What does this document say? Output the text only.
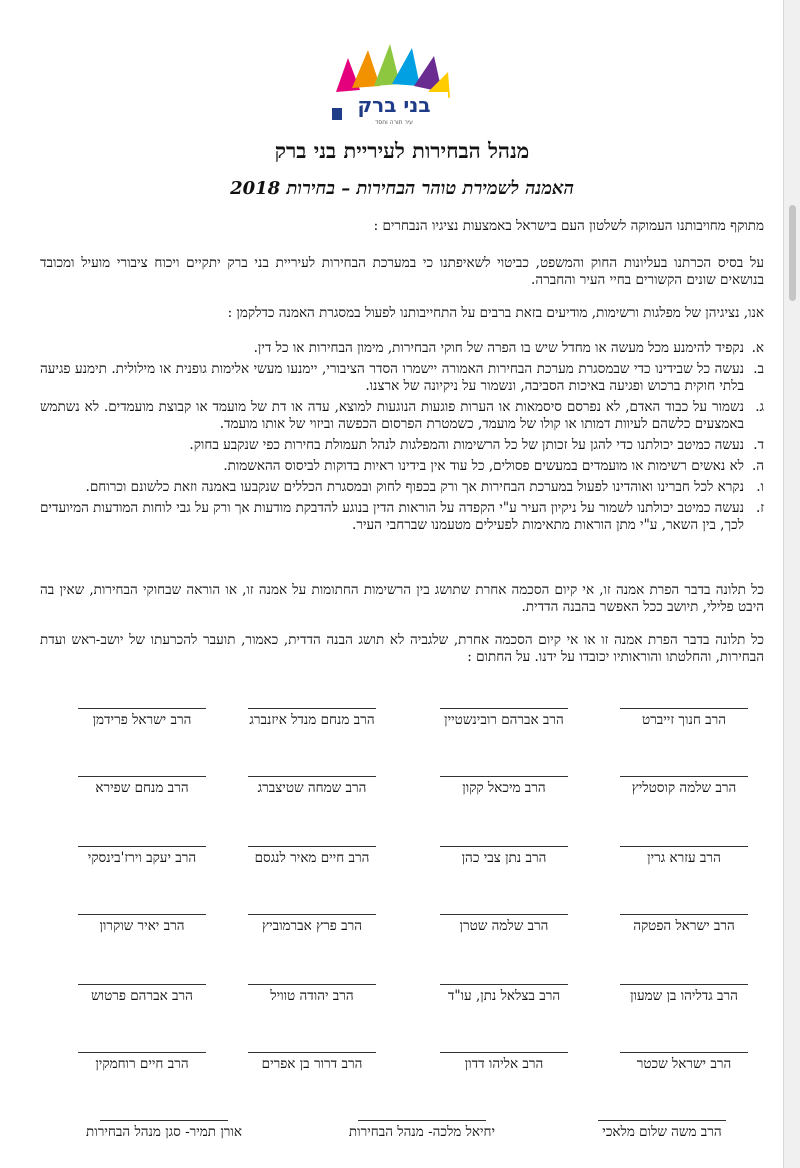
בני ברק
עיר תורה וחסד
מנהל הבחירות לעיריית בני ברק
האמנה לשמירת טוהר הבחירות – בחירות 2018
מתוקף מחויבותנו העמוקה לשלטון העם בישראל באמצעות נציגיו הנבחרים :
על בסיס הכרתנו בעליונות החוק והמשפט, כביטוי לשאיפתנו כי במערכת הבחירות לעיריית בני ברק יתקיים ויכוח ציבורי מועיל ומכובד בנושאים שונים הקשורים בחיי העיר והחברה.
אנו, נציגיהן של מפלגות ורשימות, מודיעים בזאת ברבים על התחייבותנו לפעול במסגרת האמנה כדלקמן :
א.
נקפיד להימנע מכל מעשה או מחדל שיש בו הפרה של חוקי הבחירות, מימון הבחירות או כל דין.
ב.
נעשה כל שבידינו כדי שבמסגרת מערכת הבחירות האמורה יישמרו הסדר הציבורי, יימנעו מעשי אלימות גופנית או מילולית. תימנע פגיעה בלתי חוקית ברכוש ופגיעה באיכות הסביבה, ונשמור על ניקיונה של ארצנו.
ג.
נשמור על כבוד האדם, לא נפרסם סיסמאות או הערות פוגעות הנוגעות למוצא, עדה או דת של מועמד או קבוצת מועמדים. לא נשתמש באמצעים כלשהם לעיוות דמותו או קולו של מועמד, כשמטרת הפרסום הכפשה וביזוי של אותו מועמד.
ד.
נעשה כמיטב יכולתנו כדי להגן על זכותן של כל הרשימות והמפלגות לנהל תעמולת בחירות כפי שנקבע בחוק.
ה.
לא נאשים רשימות או מועמדים במעשים פסולים, כל עוד אין בידינו ראיות בדוקות לביסוס ההאשמות.
ו.
נקרא לכל חברינו ואוהדינו לפעול במערכת הבחירות אך ורק בכפוף לחוק ובמסגרת הכללים שנקבעו באמנה וזאת כלשונם וכרוחם.
ז.
נעשה כמיטב יכולתנו לשמור על ניקיון העיר ע"י הקפדה על הוראות הדין בנוגע להדבקת מודעות אך ורק על גבי לוחות המודעות המיועדים לכך, בין השאר, ע"י מתן הוראות מתאימות לפעילים מטעמנו שברחבי העיר.
כל תלונה בדבר הפרת אמנה זו, אי קיום הסכמה אחרת שתושג בין הרשימות החתומות על אמנה זו, או הוראה שבחוקי הבחירות, שאין בה היבט פלילי, תיושב ככל האפשר בהבנה הדדית.
כל תלונה בדבר הפרת אמנה זו או אי קיום הסכמה אחרת, שלגביה לא תושג הבנה הדדית, כאמור, תועבר להכרעתו של יושב-ראש ועדת הבחירות, והחלטתו והוראותיו יכובדו על ידנו. על החתום :
הרב חנוך זייברט
הרב אברהם רובינשטיין
הרב מנחם מנדל איזנברג
הרב ישראל פרידמן
הרב שלמה קוסטליץ
הרב מיכאל קקון
הרב שמחה שטיצברג
הרב מנחם שפירא
הרב עזרא גרין
הרב נתן צבי כהן
הרב חיים מאיר לנגסם
הרב יעקב וירז'בינסקי
הרב ישראל הפטקה
הרב שלמה שטרן
הרב פרץ אברמוביץ
הרב יאיר שוקרון
הרב גדליהו בן שמעון
הרב בצלאל נתן, עו"ד
הרב יהודה טוויל
הרב אברהם פרטוש
הרב ישראל שכטר
הרב אליהו דדון
הרב דרור בן אפרים
הרב חיים רוחמקין
הרב משה שלום מלאכי
יחיאל מלכה- מנהל הבחירות
אורן תמיר- סגן מנהל הבחירות
